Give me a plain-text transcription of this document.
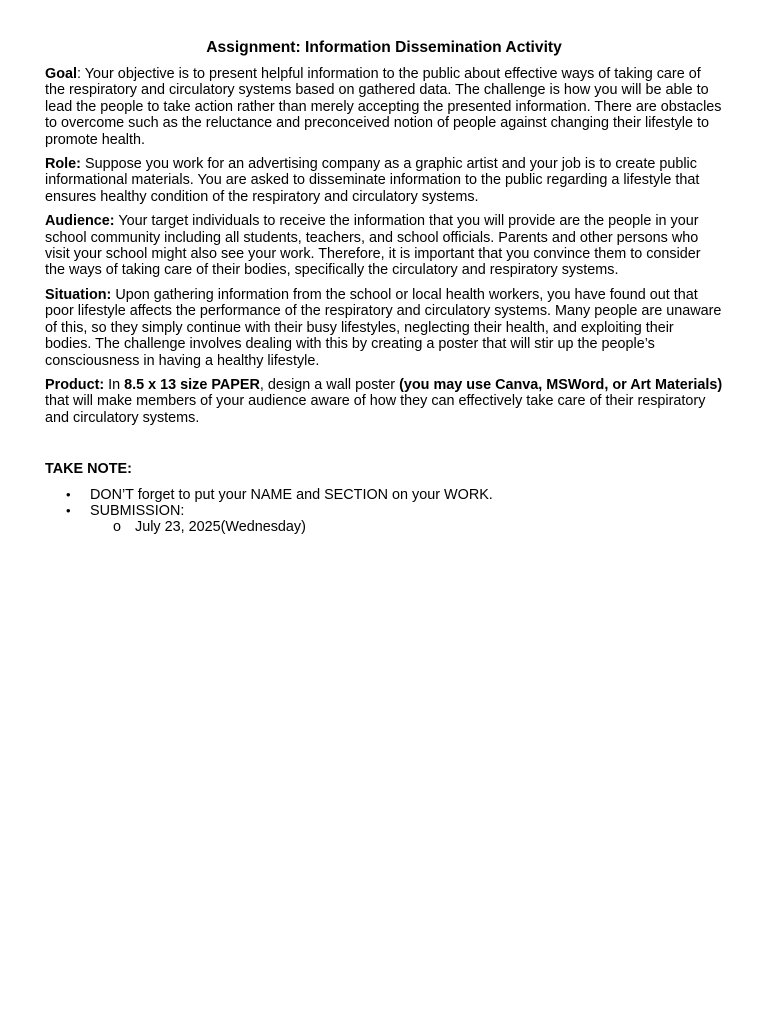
Assignment: Information Dissemination Activity

Goal: Your objective is to present helpful information to the public about effective ways of taking care of the respiratory and circulatory systems based on gathered data. The challenge is how you will be able to lead the people to take action rather than merely accepting the presented information. There are obstacles to overcome such as the reluctance and preconceived notion of people against changing their lifestyle to promote health.

Role: Suppose you work for an advertising company as a graphic artist and your job is to create public informational materials. You are asked to disseminate information to the public regarding a lifestyle that ensures healthy condition of the respiratory and circulatory systems.

Audience: Your target individuals to receive the information that you will provide are the people in your school community including all students, teachers, and school officials. Parents and other persons who visit your school might also see your work. Therefore, it is important that you convince them to consider the ways of taking care of their bodies, specifically the circulatory and respiratory systems.

Situation: Upon gathering information from the school or local health workers, you have found out that poor lifestyle affects the performance of the respiratory and circulatory systems. Many people are unaware of this, so they simply continue with their busy lifestyles, neglecting their health, and exploiting their bodies. The challenge involves dealing with this by creating a poster that will stir up the people’s consciousness in having a healthy lifestyle.

Product: In 8.5 x 13 size PAPER, design a wall poster (you may use Canva, MSWord, or Art Materials) that will make members of your audience aware of how they can effectively take care of their respiratory and circulatory systems.

TAKE NOTE:
• DON’T forget to put your NAME and SECTION on your WORK.
• SUBMISSION:
o July 23, 2025(Wednesday)
